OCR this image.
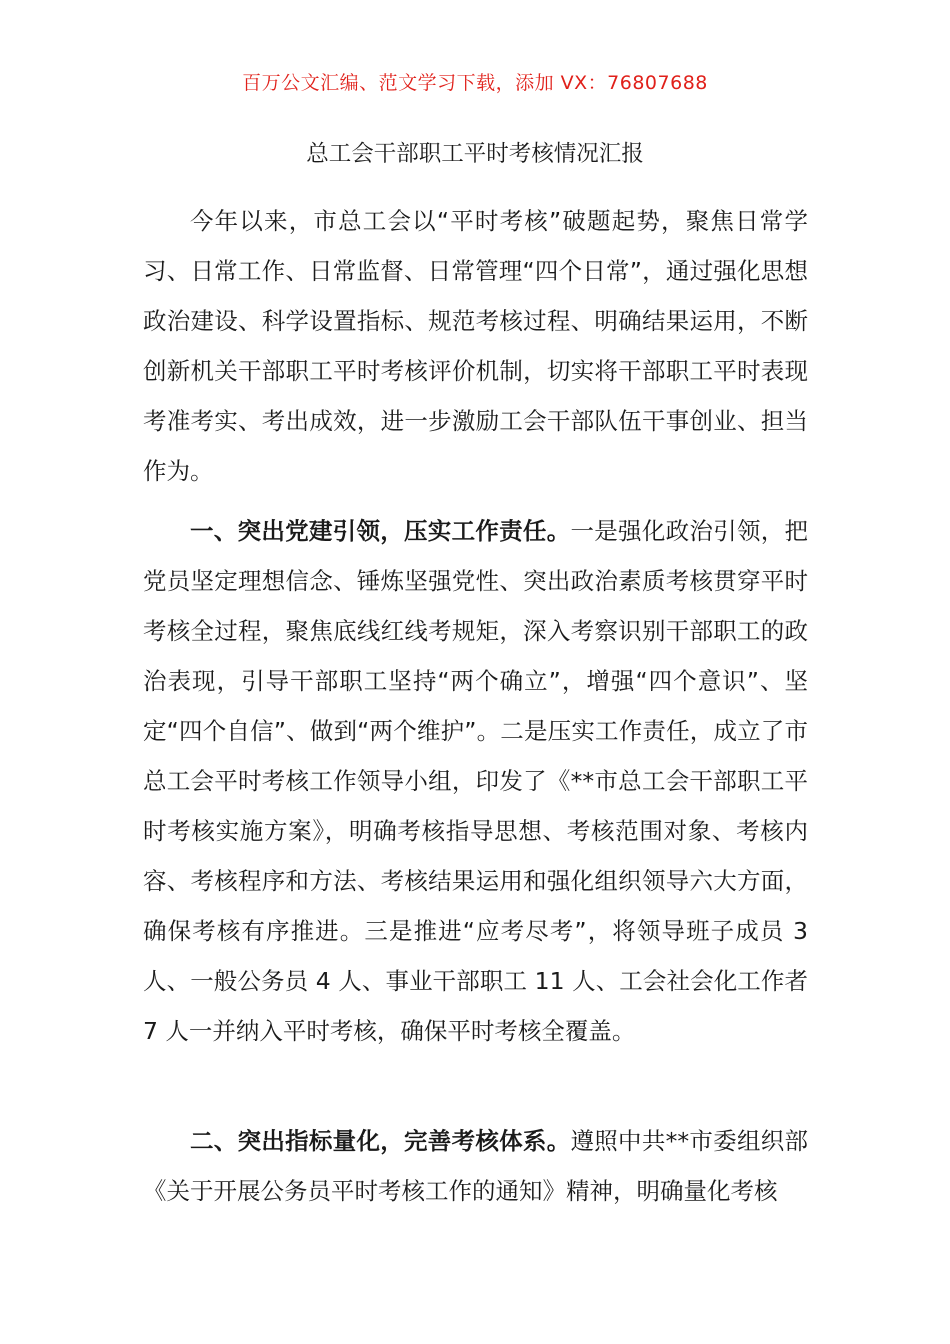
百万公文汇编、范文学习下载，添加 VX：76807688
总工会干部职工平时考核情况汇报

今年以来，市总工会以“平时考核”破题起势，聚焦日常学习、日常工作、日常监督、日常管理“四个日常”，通过强化思想政治建设、科学设置指标、规范考核过程、明确结果运用，不断创新机关干部职工平时考核评价机制，切实将干部职工平时表现考准考实、考出成效，进一步激励工会干部队伍干事创业、担当作为。

一、突出党建引领，压实工作责任。一是强化政治引领，把党员坚定理想信念、锤炼坚强党性、突出政治素质考核贯穿平时考核全过程，聚焦底线红线考规矩，深入考察识别干部职工的政治表现，引导干部职工坚持“两个确立”，增强“四个意识”、坚定“四个自信”、做到“两个维护”。二是压实工作责任，成立了市总工会平时考核工作领导小组，印发了《**市总工会干部职工平时考核实施方案》，明确考核指导思想、考核范围对象、考核内容、考核程序和方法、考核结果运用和强化组织领导六大方面，确保考核有序推进。三是推进“应考尽考”，将领导班子成员 3 人、一般公务员 4 人、事业干部职工 11 人、工会社会化工作者 7 人一并纳入平时考核，确保平时考核全覆盖。

二、突出指标量化，完善考核体系。遵照中共**市委组织部《关于开展公务员平时考核工作的通知》精神，明确量化考核
